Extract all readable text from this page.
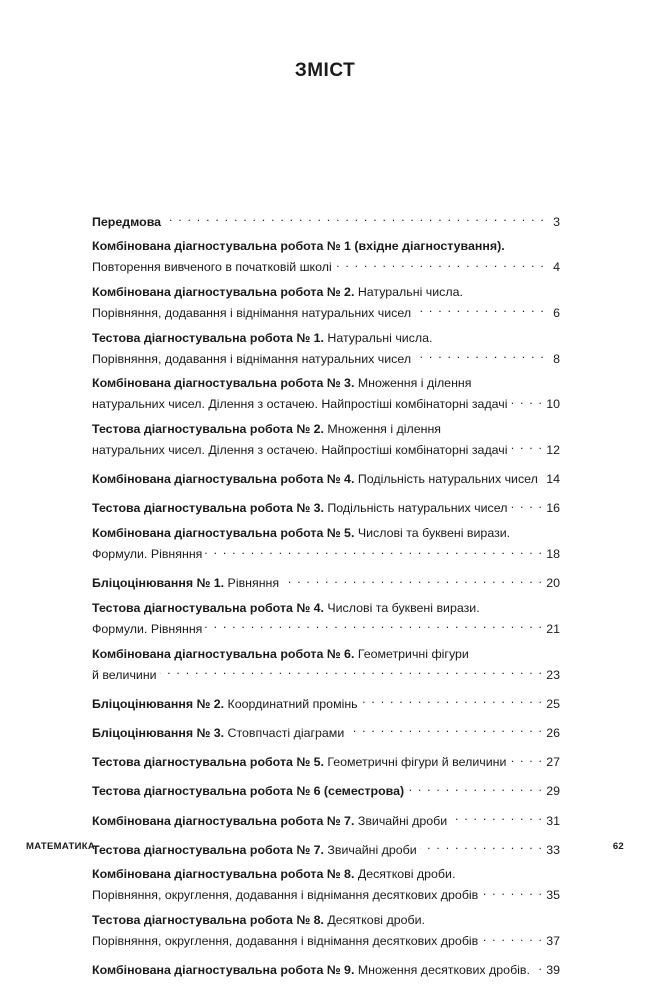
ЗМІСТ
Передмова . . .	3
Комбінована діагностувальна робота № 1 (вхідне діагностування).
Повторення вивченого в початковій школі . . .	4
Комбінована діагностувальна робота № 2. Натуральні числа.
Порівняння, додавання і віднімання натуральних чисел . . .	6
Тестова діагностувальна робота № 1. Натуральні числа.
Порівняння, додавання і віднімання натуральних чисел . . .	8
Комбінована діагностувальна робота № 3. Множення і ділення
натуральних чисел. Ділення з остачею. Найпростіші комбінаторні задачі . . .	10
Тестова діагностувальна робота № 2. Множення і ділення
натуральних чисел. Ділення з остачею. Найпростіші комбінаторні задачі . . .	12
Комбінована діагностувальна робота № 4. Подільність натуральних чисел . . . 14
Тестова діагностувальна робота № 3. Подільність натуральних чисел . . .	16
Комбінована діагностувальна робота № 5. Числові та буквені вирази.
Формули. Рівняння . . .	18
Бліцоцінювання № 1. Рівняння . . .	20
Тестова діагностувальна робота № 4. Числові та буквені вирази.
Формули. Рівняння . . .	21
Комбінована діагностувальна робота № 6. Геометричні фігури
й величини . . .	23
Бліцоцінювання № 2. Координатний промінь . . .	25
Бліцоцінювання № 3. Стовпчасті діаграми . . .	26
Тестова діагностувальна робота № 5. Геометричні фігури й величини . . .	27
Тестова діагностувальна робота № 6 (семестрова) . . .	29
Комбінована діагностувальна робота № 7. Звичайні дроби . . .	31
Тестова діагностувальна робота № 7. Звичайні дроби . . .	33
Комбінована діагностувальна робота № 8. Десяткові дроби.
Порівняння, округлення, додавання і віднімання десяткових дробів . . .	35
Тестова діагностувальна робота № 8. Десяткові дроби.
Порівняння, округлення, додавання і віднімання десяткових дробів . . .	37
Комбінована діагностувальна робота № 9. Множення десяткових дробів. . . . 39
МАТЕМАТИКА	62
